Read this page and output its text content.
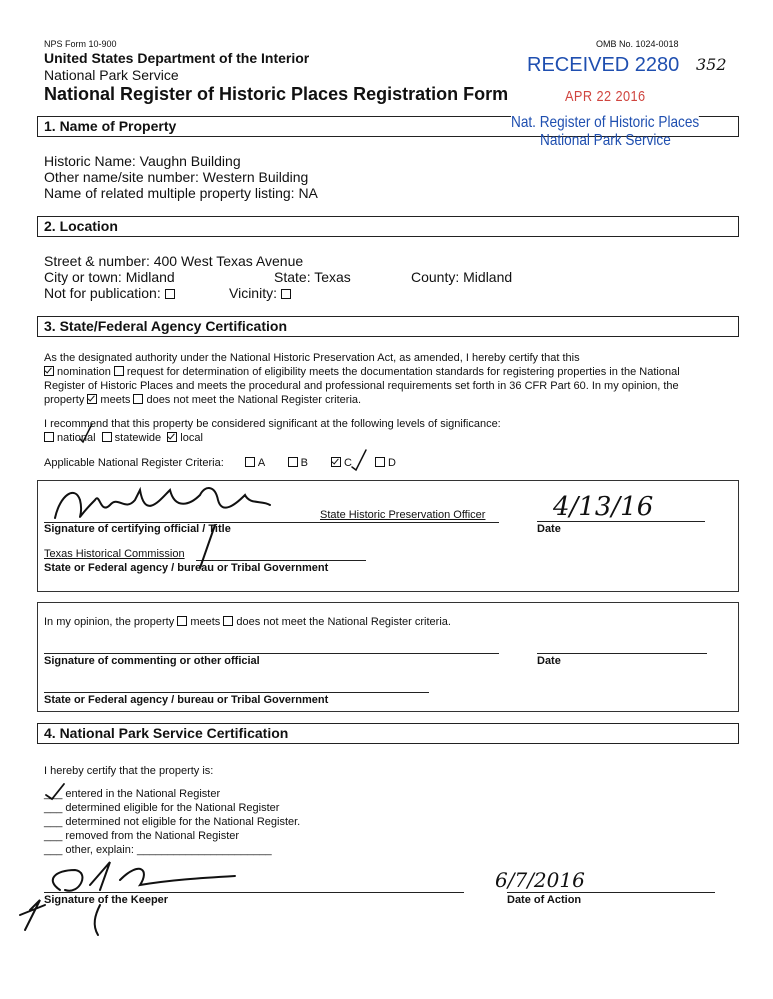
NPS Form 10-900	OMB No. 1024-0018
United States Department of the Interior
National Park Service
National Register of Historic Places Registration Form
RECEIVED 2280 352
APR 22 2016
1. Name of Property	Nat. Register of Historic Places
National Park Service
Historic Name: Vaughn Building
Other name/site number: Western Building
Name of related multiple property listing: NA
2. Location
Street & number: 400 West Texas Avenue
City or town: Midland	State: Texas	County: Midland
Not for publication:	Vicinity:
3. State/Federal Agency Certification
As the designated authority under the National Historic Preservation Act, as amended, I hereby certify that this
nomination request for determination of eligibility meets the documentation standards for registering properties in the National
Register of Historic Places and meets the procedural and professional requirements set forth in 36 CFR Part 60. In my opinion, the
property meets does not meet the National Register criteria.
I recommend that this property be considered significant at the following levels of significance:
national statewide local
Applicable National Register Criteria:	A	B	C	D
State Historic Preservation Officer
Signature of certifying official / Title
4/13/16
Date
Texas Historical Commission
State or Federal agency / bureau or Tribal Government
In my opinion, the property meets does not meet the National Register criteria.
Signature of commenting or other official	Date
State or Federal agency / bureau or Tribal Government
4. National Park Service Certification
I hereby certify that the property is:
___ entered in the National Register
___ determined eligible for the National Register
___ determined not eligible for the National Register.
___ removed from the National Register
___ other, explain: ______________________
Signature of the Keeper
6/7/2016
Date of Action
